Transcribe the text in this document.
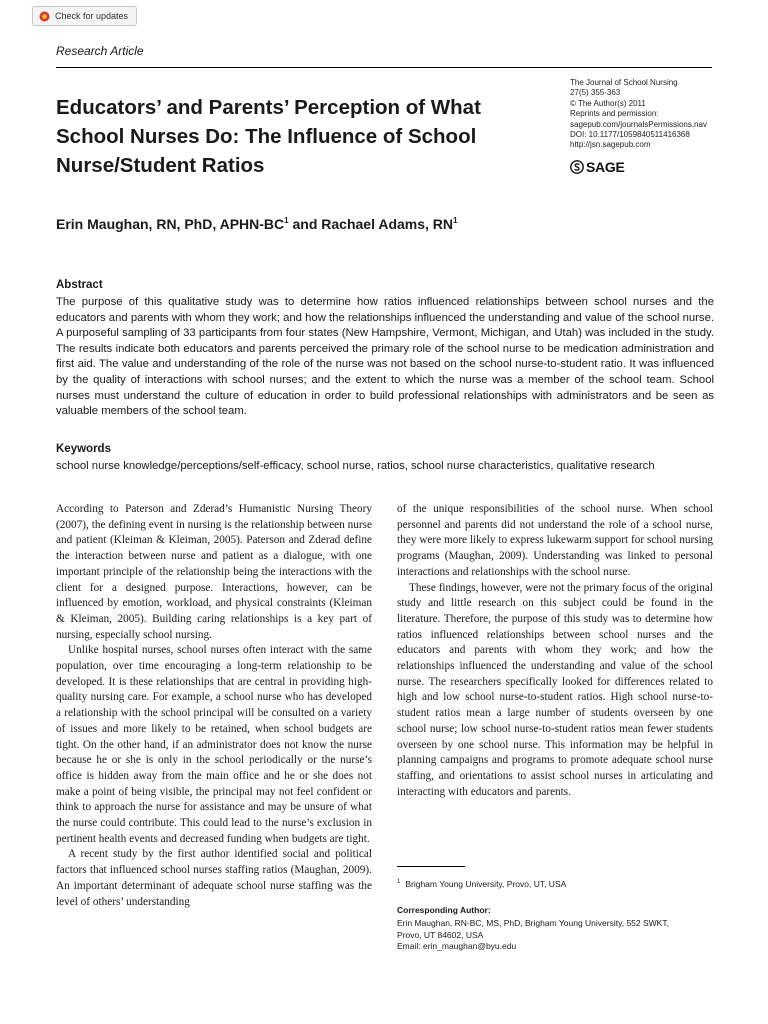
Check for updates
Research Article
Educators’ and Parents’ Perception of What School Nurses Do: The Influence of School Nurse/Student Ratios
The Journal of School Nursing
27(5) 355-363
© The Author(s) 2011
Reprints and permission:
sagepub.com/journalsPermissions.nav
DOI: 10.1177/1059840511416368
http://jsn.sagepub.com
SAGE
Erin Maughan, RN, PhD, APHN-$BC^1$ and Rachael Adams, $RN^1$
Abstract
The purpose of this qualitative study was to determine how ratios influenced relationships between school nurses and the educators and parents with whom they work; and how the relationships influenced the understanding and value of the school nurse. A purposeful sampling of 33 participants from four states (New Hampshire, Vermont, Michigan, and Utah) was included in the study. The results indicate both educators and parents perceived the primary role of the school nurse to be medication administration and first aid. The value and understanding of the role of the nurse was not based on the school nurse-to-student ratio. It was influenced by the quality of interactions with school nurses; and the extent to which the nurse was a member of the school team. School nurses must understand the culture of education in order to build professional relationships with administrators and be seen as valuable members of the school team.
Keywords
school nurse knowledge/perceptions/self-efficacy, school nurse, ratios, school nurse characteristics, qualitative research

According to Paterson and Zderad’s Humanistic Nursing Theory (2007), the defining event in nursing is the relationship between nurse and patient (Kleiman & Kleiman, 2005). Paterson and Zderad define the interaction between nurse and patient as a dialogue, with one important principle of the relationship being the interactions with the client for a designed purpose. Interactions, however, can be influenced by emotion, workload, and physical constraints (Kleiman & Kleiman, 2005). Building caring relationships is a key part of nursing, especially school nursing.

Unlike hospital nurses, school nurses often interact with the same population, over time encouraging a long-term relationship to be developed. It is these relationships that are central in providing high-quality nursing care. For example, a school nurse who has developed a relationship with the school principal will be consulted on a variety of issues and more likely to be retained, when school budgets are tight. On the other hand, if an administrator does not know the nurse because he or she is only in the school periodically or the nurse’s office is hidden away from the main office and he or she does not make a point of being visible, the principal may not feel confident or think to approach the nurse for assistance and may be unsure of what the nurse could contribute. This could lead to the nurse’s exclusion in pertinent health events and decreased funding when budgets are tight.

A recent study by the first author identified social and political factors that influenced school nurses staffing ratios (Maughan, 2009). An important determinant of adequate school nurse staffing was the level of others’ understanding

of the unique responsibilities of the school nurse. When school personnel and parents did not understand the role of a school nurse, they were more likely to express lukewarm support for school nursing programs (Maughan, 2009). Understanding was linked to personal interactions and relationships with the school nurse.

These findings, however, were not the primary focus of the original study and little research on this subject could be found in the literature. Therefore, the purpose of this study was to determine how ratios influenced relationships between school nurses and the educators and parents with whom they work; and how the relationships influenced the understanding and value of the school nurse. The researchers specifically looked for differences related to high and low school nurse-to-student ratios. High school nurse-to-student ratios mean a large number of students overseen by one school nurse; low school nurse-to-student ratios mean fewer students overseen by one school nurse. This information may be helpful in planning campaigns and programs to promote adequate school nurse staffing, and orientations to assist school nurses in articulating and interacting with educators and parents.

$^1$ Brigham Young University, Provo, UT, USA
Corresponding Author:
Erin Maughan, RN-BC, MS, PhD, Brigham Young University, 552 SWKT,
Provo, UT 84602, USA
Email: erin_maughan@byu.edu
